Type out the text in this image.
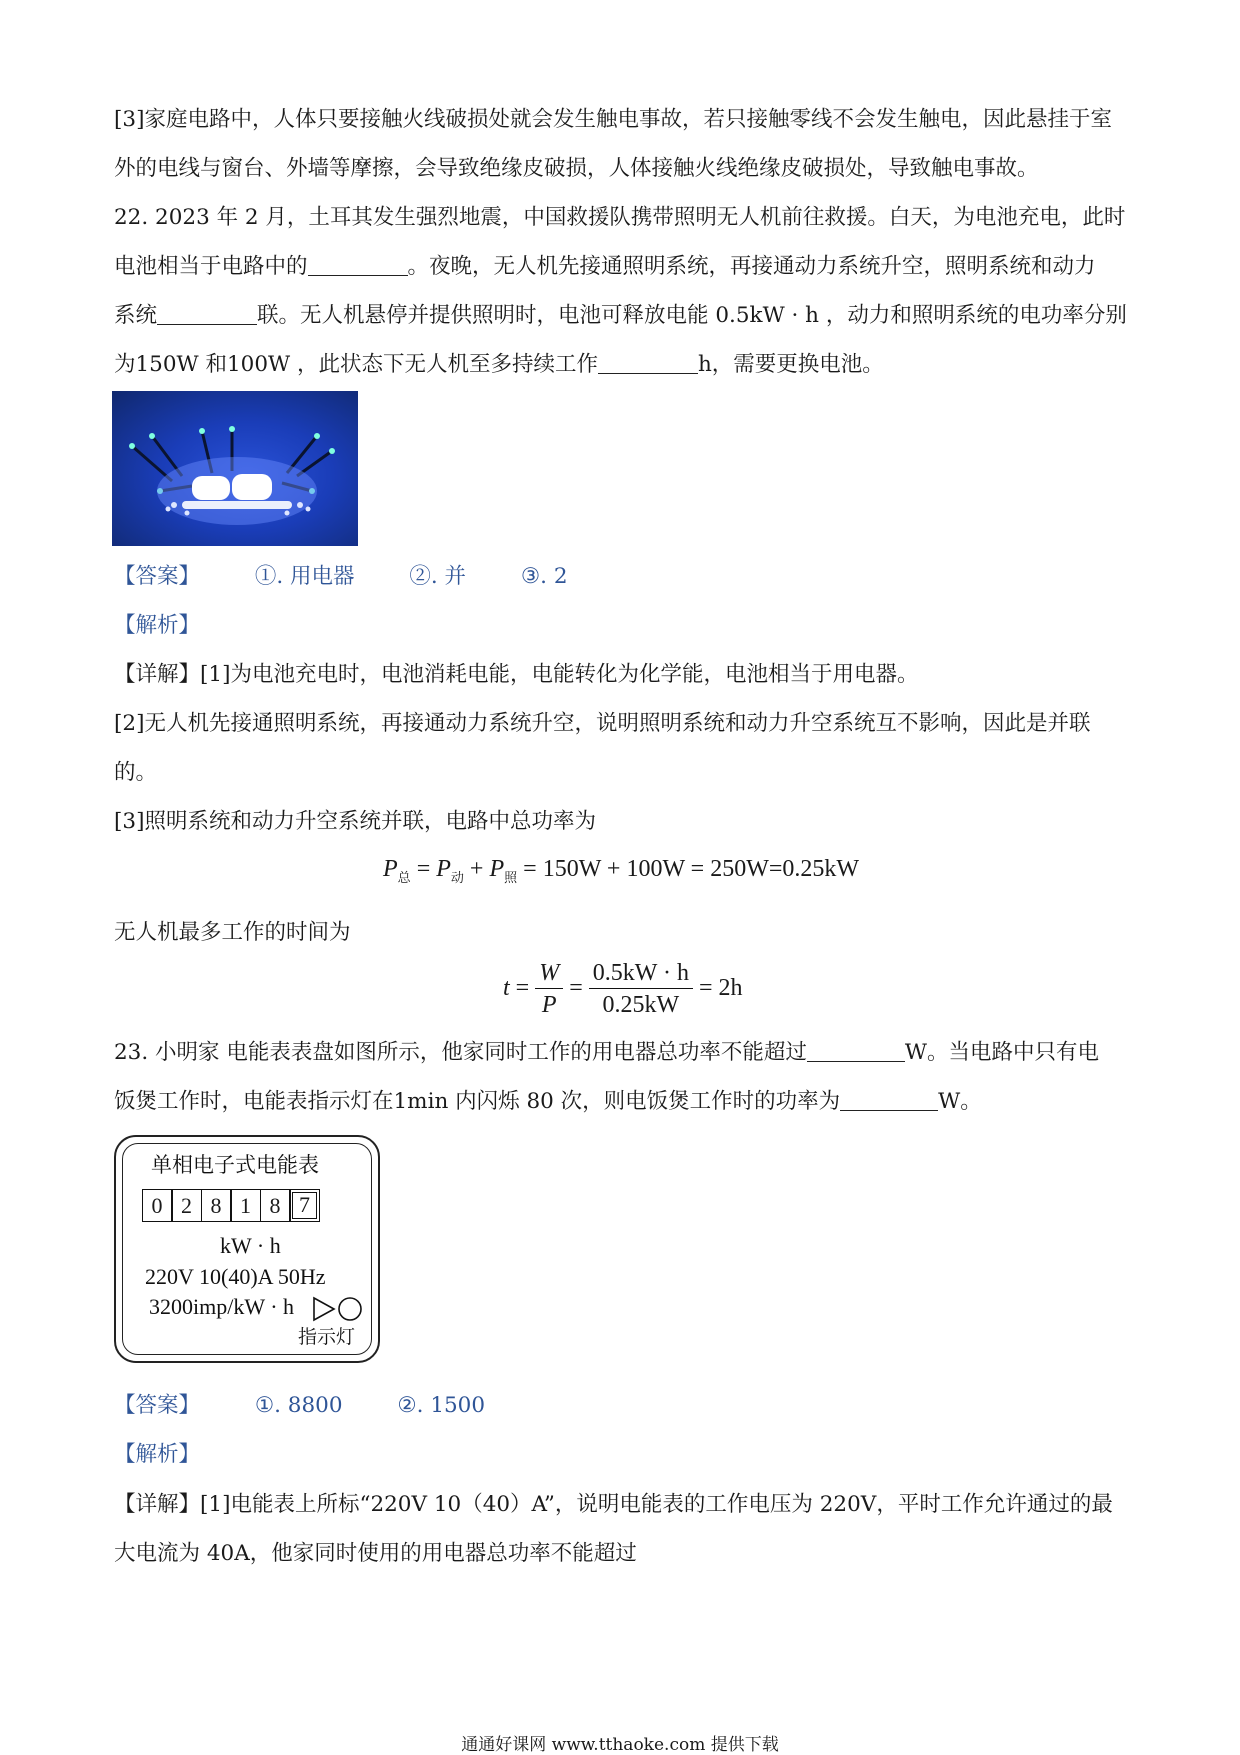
[3]家庭电路中，人体只要接触火线破损处就会发生触电事故，若只接触零线不会发生触电，因此悬挂于室
外的电线与窗台、外墙等摩擦，会导致绝缘皮破损，人体接触火线绝缘皮破损处，导致触电事故。
22. 2023 年 2 月，土耳其发生强烈地震，中国救援队携带照明无人机前往救援。白天，为电池充电，此时
电池相当于电路中的	。夜晚，无人机先接通照明系统，再接通动力系统升空，照明系统和动力
系统	联。无人机悬停并提供照明时，电池可释放电能 0.5kW · h ，动力和照明系统的电功率分别
为150W 和100W ，此状态下无人机至多持续工作	h，需要更换电池。
【答案】	①. 用电器	②. 并	③. 2
【解析】
【详解】[1]为电池充电时，电池消耗电能，电能转化为化学能，电池相当于用电器。
[2]无人机先接通照明系统，再接通动力系统升空，说明照明系统和动力升空系统互不影响，因此是并联
的。
[3]照明系统和动力升空系统并联，电路中总功率为
$P_总 = P_动 + P_照 = 150W + 100W = 250W=0.25kW$
无人机最多工作的时间为
$t = \frac{W}{P} = \frac{0.5kW \cdot h}{0.25kW} = 2h$
23. 小明家 电能表表盘如图所示，他家同时工作的用电器总功率不能超过	W。当电路中只有电
饭煲工作时，电能表指示灯在1min 内闪烁 80 次，则电饭煲工作时的功率为	W。
单相电子式电能表
0 2 8 1 8 7
kW · h
220V 10(40)A 50Hz
3200imp/kW · h
指示灯
【答案】	①. 8800	②. 1500
【解析】
【详解】[1]电能表上所标“220V 10（40）A”，说明电能表的工作电压为 220V，平时工作允许通过的最
大电流为 40A，他家同时使用的用电器总功率不能超过
通通好课网 www.tthaoke.com 提供下载
